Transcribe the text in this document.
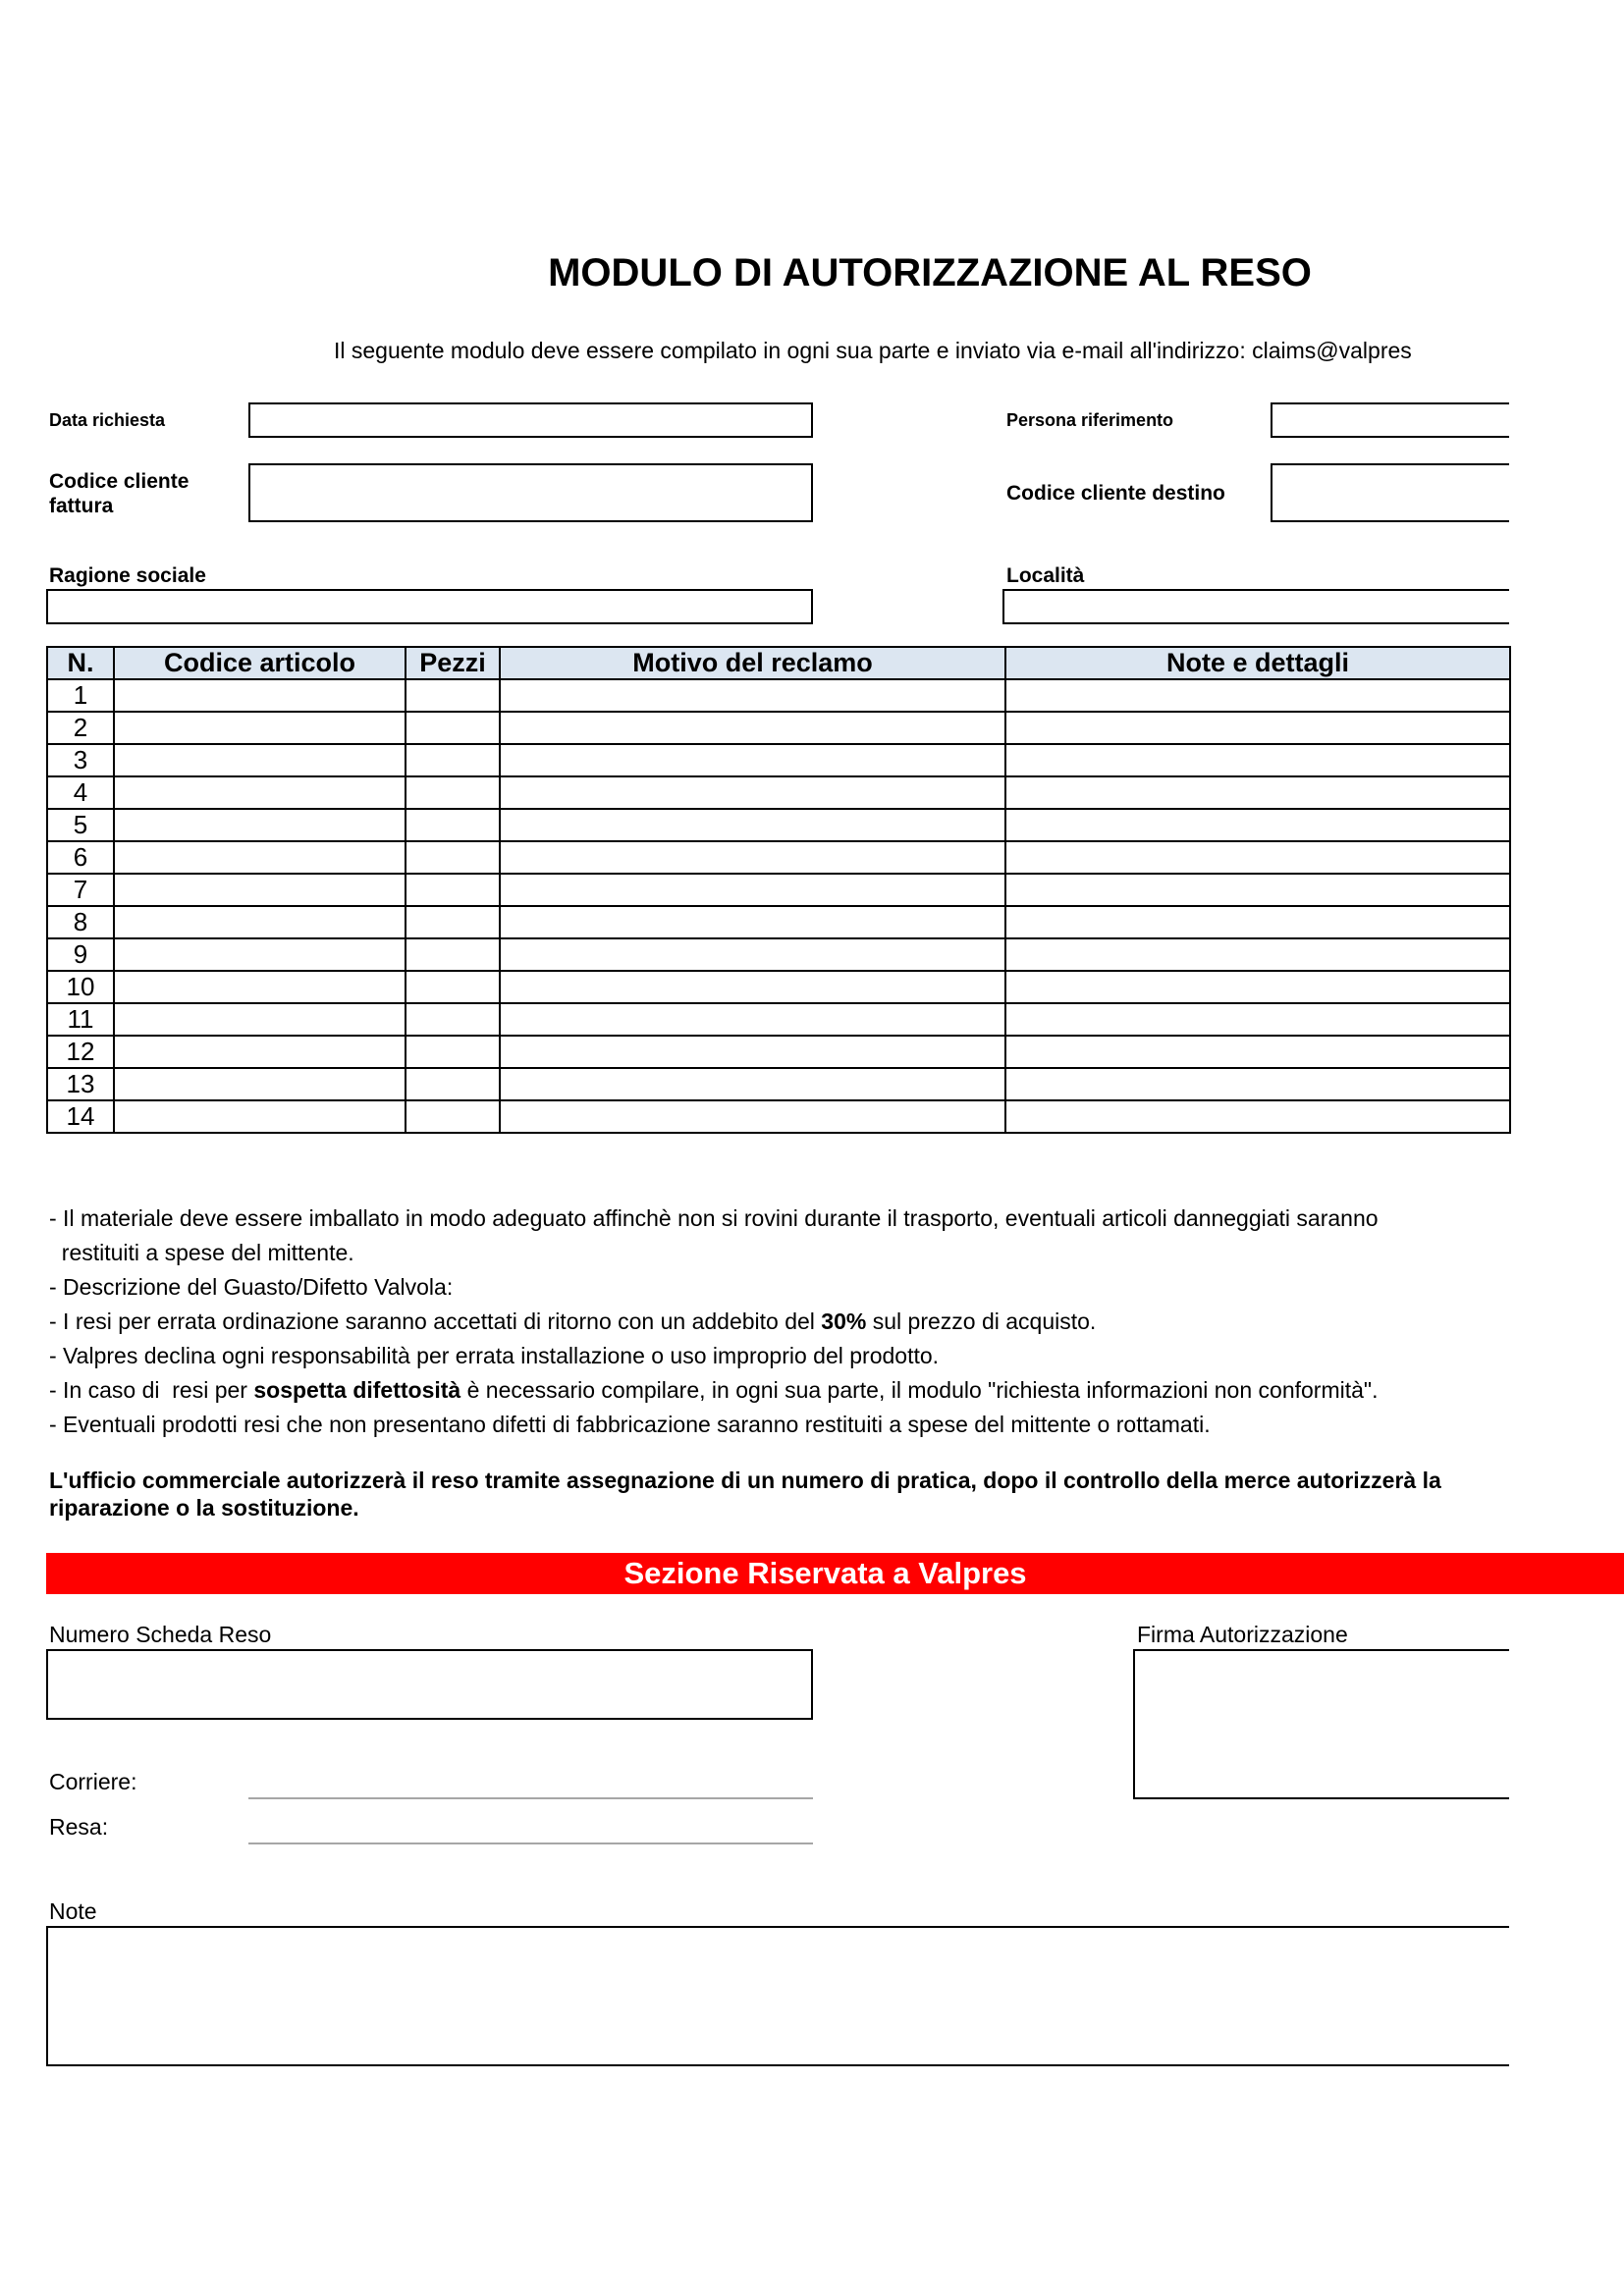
MODULO DI AUTORIZZAZIONE AL RESO
Il seguente modulo deve essere compilato in ogni sua parte e inviato via e-mail all'indirizzo: claims@valpres
Data richiesta	Persona riferimento
Codice cliente
fattura
Codice cliente destino
Ragione sociale	Località
N.	Codice articolo	Pezzi	Motivo del reclamo	Note e dettagli
1				
2				
3				
4				
5				
6				
7				
8				
9				
10				
11				
12				
13				
14				
- Il materiale deve essere imballato in modo adeguato affinchè non si rovini durante il trasporto, eventuali articoli danneggiati saranno
restituiti a spese del mittente.
- Descrizione del Guasto/Difetto Valvola:
- I resi per errata ordinazione saranno accettati di ritorno con un addebito del 30% sul prezzo di acquisto.
- Valpres declina ogni responsabilità per errata installazione o uso improprio del prodotto.
- In caso di  resi per sospetta difettosità è necessario compilare, in ogni sua parte, il modulo "richiesta informazioni non conformità".
- Eventuali prodotti resi che non presentano difetti di fabbricazione saranno restituiti a spese del mittente o rottamati.
L'ufficio commerciale autorizzerà il reso tramite assegnazione di un numero di pratica, dopo il controllo della merce autorizzerà la
riparazione o la sostituzione.
Sezione Riservata a Valpres
Numero Scheda Reso	Firma Autorizzazione
Corriere:
Resa:
Note
